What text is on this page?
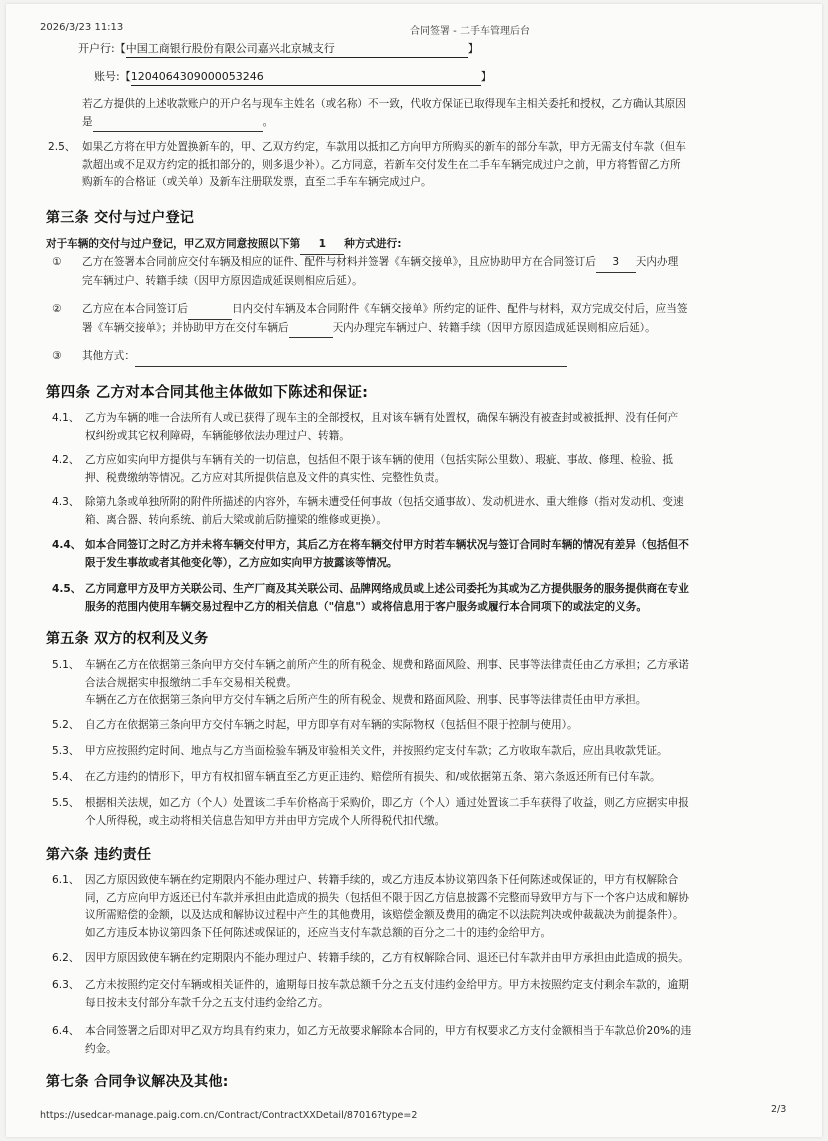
2026/3/23 11:13	合同签署 - 二手车管理后台
开户行:【中国工商银行股份有限公司嘉兴北京城支行	】
账号:【1204064309000053246	】
若乙方提供的上述收款账户的开户名与现车主姓名（或名称）不一致，代收方保证已取得现车主相关委托和授权，乙方确认其原因
是	。
2.5、 如果乙方将在甲方处置换新车的，甲、乙双方约定，车款用以抵扣乙方向甲方所购买的新车的部分车款，甲方无需支付车款（但车
款超出或不足双方约定的抵扣部分的，则多退少补）。乙方同意，若新车交付发生在二手车车辆完成过户之前，甲方将暂留乙方所
购新车的合格证（或关单）及新车注册联发票，直至二手车车辆完成过户。
第三条 交付与过户登记
对于车辆的交付与过户登记，甲乙双方同意按照以下第 1 种方式进行:
① 乙方在签署本合同前应交付车辆及相应的证件、配件与材料并签署《车辆交接单》，且应协助甲方在合同签订后 3 天内办理
完车辆过户、转籍手续（因甲方原因造成延误则相应后延）。
② 乙方应在本合同签订后	日内交付车辆及本合同附件《车辆交接单》所约定的证件、配件与材料，双方完成交付后，应当签
署《车辆交接单》；并协助甲方在交付车辆后	天内办理完车辆过户、转籍手续（因甲方原因造成延误则相应后延）。
③ 其他方式：
第四条 乙方对本合同其他主体做如下陈述和保证:
4.1、 乙方为车辆的唯一合法所有人或已获得了现车主的全部授权，且对该车辆有处置权，确保车辆没有被查封或被抵押、没有任何产
权纠纷或其它权利障碍，车辆能够依法办理过户、转籍。
4.2、 乙方应如实向甲方提供与车辆有关的一切信息，包括但不限于该车辆的使用（包括实际公里数）、瑕疵、事故、修理、检验、抵
押、税费缴纳等情况。乙方应对其所提供信息及文件的真实性、完整性负责。
4.3、 除第九条或单独所附的附件所描述的内容外，车辆未遭受任何事故（包括交通事故）、发动机进水、重大维修（指对发动机、变速
箱、离合器、转向系统、前后大梁或前后防撞梁的维修或更换）。
4.4、 如本合同签订之时乙方并未将车辆交付甲方，其后乙方在将车辆交付甲方时若车辆状况与签订合同时车辆的情况有差异（包括但不
限于发生事故或者其他变化等），乙方应如实向甲方披露该等情况。
4.5、 乙方同意甲方及甲方关联公司、生产厂商及其关联公司、品牌网络成员或上述公司委托为其或为乙方提供服务的服务提供商在专业
服务的范围内使用车辆交易过程中乙方的相关信息（"信息"）或将信息用于客户服务或履行本合同项下的或法定的义务。
第五条 双方的权利及义务
5.1、 车辆在乙方在依据第三条向甲方交付车辆之前所产生的所有税金、规费和路面风险、刑事、民事等法律责任由乙方承担；乙方承诺
合法合规据实申报缴纳二手车交易相关税费。
车辆在乙方在依据第三条向甲方交付车辆之后所产生的所有税金、规费和路面风险、刑事、民事等法律责任由甲方承担。
5.2、 自乙方在依据第三条向甲方交付车辆之时起，甲方即享有对车辆的实际物权（包括但不限于控制与使用）。
5.3、 甲方应按照约定时间、地点与乙方当面检验车辆及审验相关文件，并按照约定支付车款；乙方收取车款后，应出具收款凭证。
5.4、 在乙方违约的情形下，甲方有权扣留车辆直至乙方更正违约、赔偿所有损失、和/或依据第五条、第六条返还所有已付车款。
5.5、 根据相关法规，如乙方（个人）处置该二手车价格高于采购价，即乙方（个人）通过处置该二手车获得了收益，则乙方应据实申报
个人所得税，或主动将相关信息告知甲方并由甲方完成个人所得税代扣代缴。
第六条 违约责任
6.1、 因乙方原因致使车辆在约定期限内不能办理过户、转籍手续的，或乙方违反本协议第四条下任何陈述或保证的，甲方有权解除合
同，乙方应向甲方返还已付车款并承担由此造成的损失（包括但不限于因乙方信息披露不完整而导致甲方与下一个客户达成和解协
议所需赔偿的金额，以及达成和解协议过程中产生的其他费用，该赔偿金额及费用的确定不以法院判决或仲裁裁决为前提条件）。
如乙方违反本协议第四条下任何陈述或保证的，还应当支付车款总额的百分之二十的违约金给甲方。
6.2、 因甲方原因致使车辆在约定期限内不能办理过户、转籍手续的，乙方有权解除合同、退还已付车款并由甲方承担由此造成的损失。
6.3、 乙方未按照约定交付车辆或相关证件的，逾期每日按车款总额千分之五支付违约金给甲方。甲方未按照约定支付剩余车款的，逾期
每日按未支付部分车款千分之五支付违约金给乙方。
6.4、 本合同签署之后即对甲乙双方均具有约束力，如乙方无故要求解除本合同的，甲方有权要求乙方支付金额相当于车款总价20%的违
约金。
第七条 合同争议解决及其他:
https://usedcar-manage.paig.com.cn/Contract/ContractXXDetail/87016?type=2
2/3
